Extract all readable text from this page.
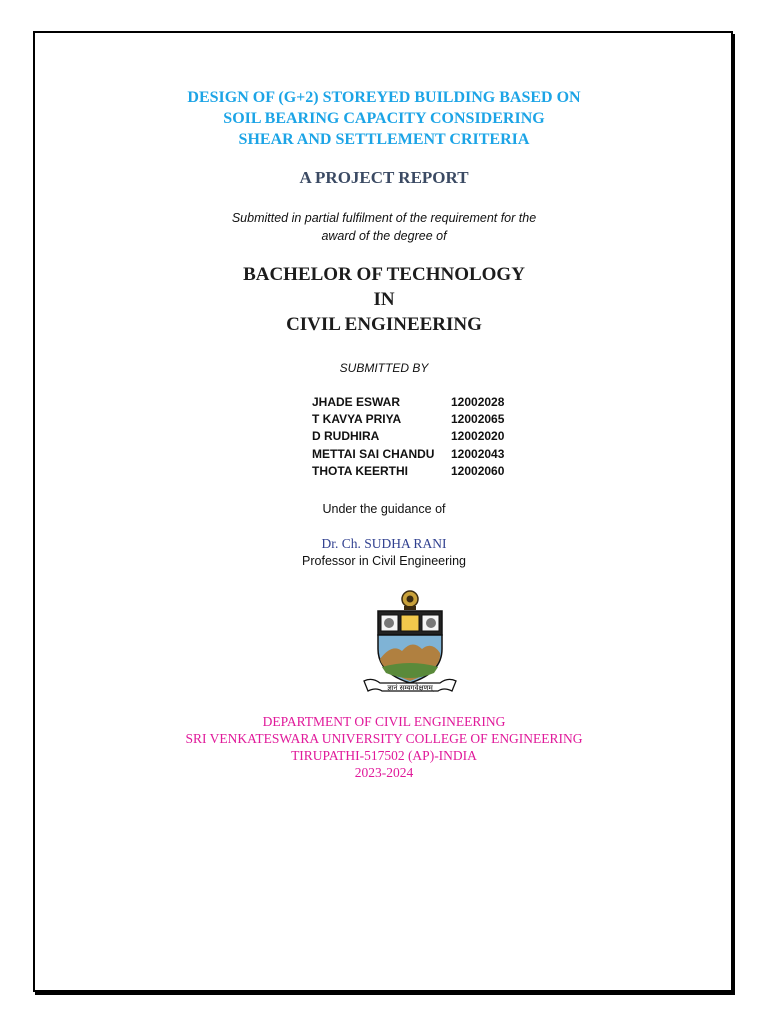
DESIGN OF (G+2) STOREYED BUILDING BASED ON
SOIL BEARING CAPACITY CONSIDERING
SHEAR AND SETTLEMENT CRITERIA
A PROJECT REPORT
Submitted in partial fulfilment of the requirement for the
award of the degree of
BACHELOR OF TECHNOLOGY
IN
CIVIL ENGINEERING
SUBMITTED BY
JHADE ESWAR	12002028
T KAVYA PRIYA	12002065
D RUDHIRA	12002020
METTAI SAI CHANDU 12002043
THOTA KEERTHI	12002060
Under the guidance of
Dr. Ch. SUDHA RANI
Professor in Civil Engineering
ज्ञानं सम्यगवेक्षणम्
DEPARTMENT OF CIVIL ENGINEERING
SRI VENKATESWARA UNIVERSITY COLLEGE OF ENGINEERING
TIRUPATHI-517502 (AP)-INDIA
2023-2024
